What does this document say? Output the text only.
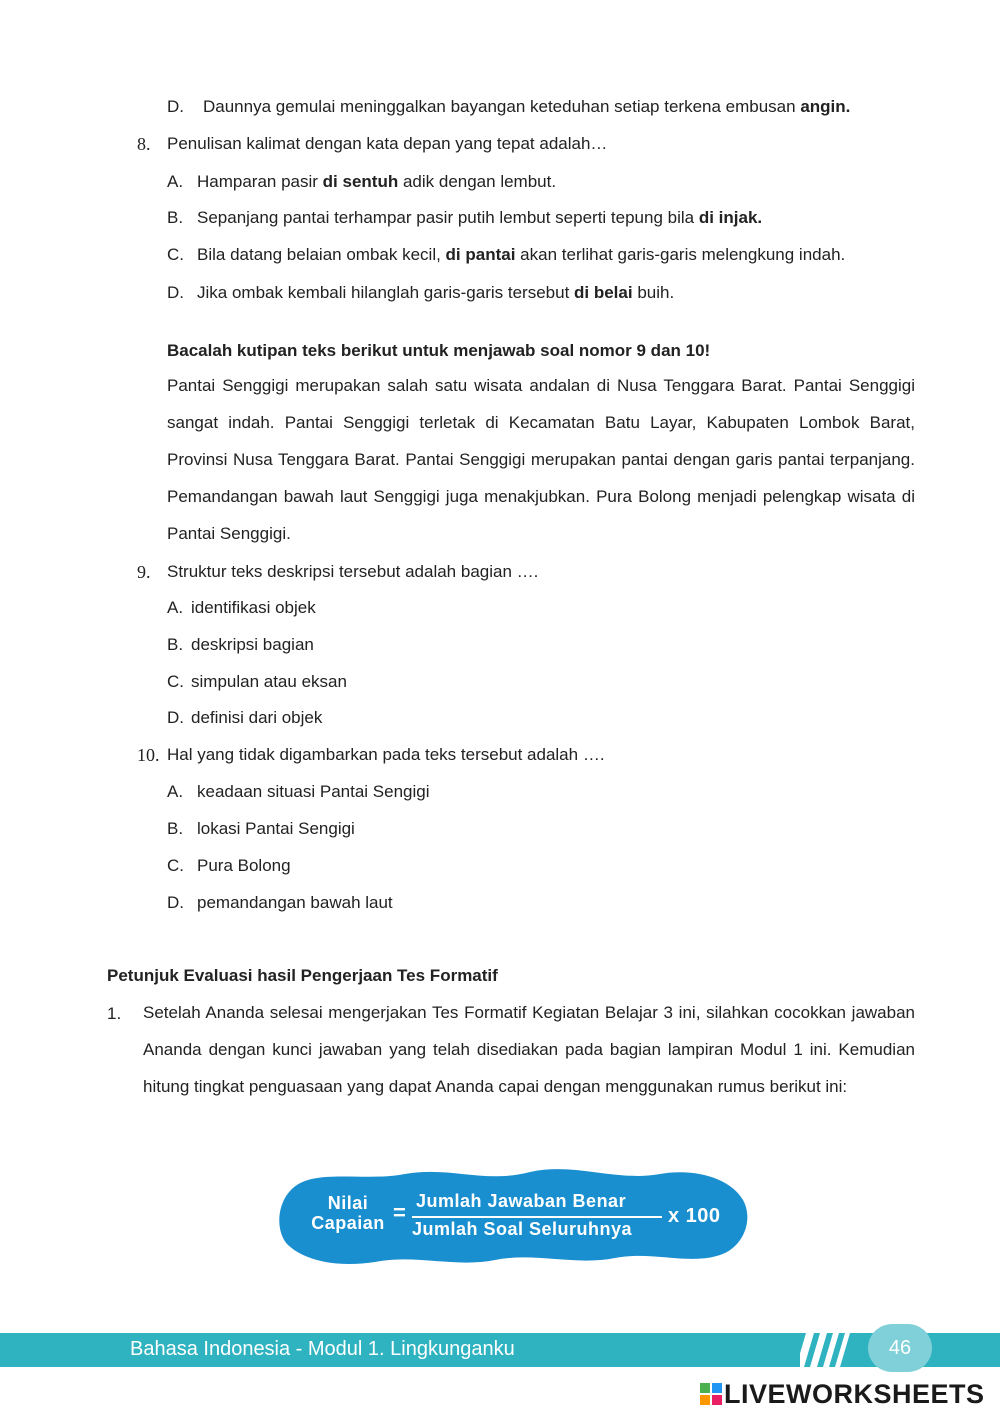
D. Daunnya gemulai meninggalkan bayangan keteduhan setiap terkena embusan angin.
8. Penulisan kalimat dengan kata depan yang tepat adalah…
A. Hamparan pasir di sentuh adik dengan lembut.
B. Sepanjang pantai terhampar pasir putih lembut seperti tepung bila di injak.
C. Bila datang belaian ombak kecil, di pantai akan terlihat garis-garis melengkung indah.
D. Jika ombak kembali hilanglah garis-garis tersebut di belai buih.
Bacalah kutipan teks berikut untuk menjawab soal nomor 9 dan 10!
Pantai Senggigi merupakan salah satu wisata andalan di Nusa Tenggara Barat. Pantai Senggigi sangat indah. Pantai Senggigi terletak di Kecamatan Batu Layar, Kabupaten Lombok Barat, Provinsi Nusa Tenggara Barat. Pantai Senggigi merupakan pantai dengan garis pantai terpanjang. Pemandangan bawah laut Senggigi juga menakjubkan. Pura Bolong menjadi pelengkap wisata di Pantai Senggigi.
9. Struktur teks deskripsi tersebut adalah bagian ….
A. identifikasi objek
B. deskripsi bagian
C. simpulan atau eksan
D. definisi dari objek
10. Hal yang tidak digambarkan pada teks tersebut adalah ….
A. keadaan situasi Pantai Sengigi
B. lokasi Pantai Sengigi
C. Pura Bolong
D. pemandangan bawah laut
Petunjuk Evaluasi hasil Pengerjaan Tes Formatif
1. Setelah Ananda selesai mengerjakan Tes Formatif Kegiatan Belajar 3 ini, silahkan cocokkan jawaban Ananda dengan kunci jawaban yang telah disediakan pada bagian lampiran Modul 1 ini. Kemudian hitung tingkat penguasaan yang dapat Ananda capai dengan menggunakan rumus berikut ini:
Nilai
Capaian = Jumlah Jawaban Benar
Jumlah Soal Seluruhnya
x 100
Bahasa Indonesia - Modul 1. Lingkunganku	46
LIVEWORKSHEETS
